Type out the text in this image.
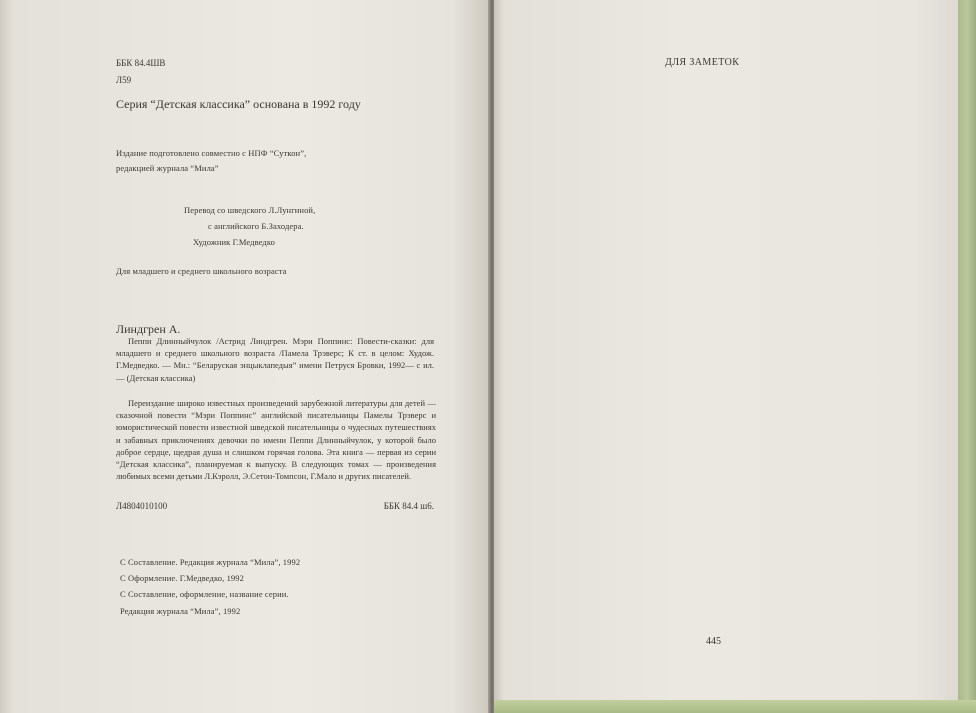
ББК 84.4ШВ
Л59
Серия “Детская классика” основана в 1992 году
Издание подготовлено совместно с НПФ “Суткон”,
редакцией журнала “Мила”
Перевод со шведского Л.Лунгиной,
с английского Б.Заходера.
Художник Г.Медведко
Для младшего и среднего школьного возраста
Линдгрен А.
Пеппи Длинныйчулок /Астрид Линдгрен. Мэри Поппинс: Повести-сказки: для младшего и среднего школьного возраста /Памела Трэверс; К ст. в целом: Худож. Г.Медведко. — Мн.: “Беларуская энцыклапедыя” имени Петруся Бровки, 1992— с ил. — (Детская классика)
Переиздание широко известных произведений зарубежной литературы для детей — сказочной повести “Мэри Поппинс” английской писательницы Памелы Трэверс и юмористической повести известной шведской писательницы о чудесных путешествиях и забавных приключениях девочки по имени Пеппи Длинныйчулок, у которой было доброе сердце, щедрая душа и слишком горячая голова. Эта книга — первая из серии “Детская классика”, планируемая к выпуску. В следующих томах — произведения любимых всеми детьми Л.Кэролл, Э.Сетон-Томпсон, Г.Мало и других писателей.
Л4804010100	ББК 84.4 ш6.
С Составление. Редакция журнала “Мила”, 1992
С Оформление. Г.Медведко, 1992
С Составление, оформление, название серии.
Редакция журнала “Мила”, 1992
ДЛЯ ЗАМЕТОК
445
